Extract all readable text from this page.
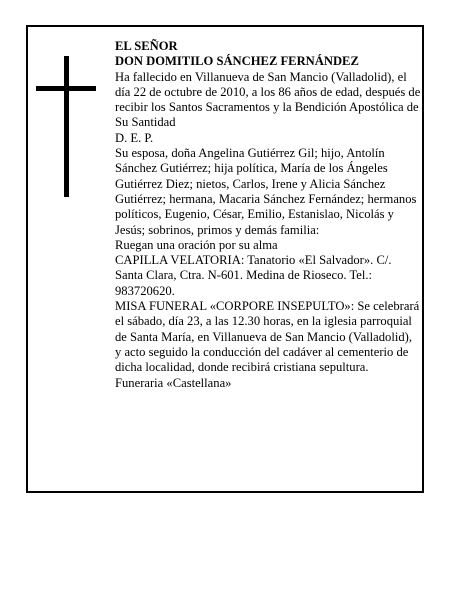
EL SEÑOR

DON DOMITILO SÁNCHEZ FERNÁNDEZ

Ha fallecido en Villanueva de San Mancio (Valladolid), el día 22 de octubre de 2010, a los 86 años de edad, después de recibir los Santos Sacramentos y la Bendición Apostólica de Su Santidad

D. E. P.

Su esposa, doña Angelina Gutiérrez Gil; hijo, Antolín Sánchez Gutiérrez; hija política, María de los Ángeles Gutiérrez Diez; nietos, Carlos, Irene y Alicia Sánchez Gutiérrez; hermana, Macaria Sánchez Fernández; hermanos políticos, Eugenio, César, Emilio, Estanislao, Nicolás y Jesús; sobrinos, primos y demás familia:

Ruegan una oración por su alma

CAPILLA VELATORIA: Tanatorio «El Salvador». C/. Santa Clara, Ctra. N-601. Medina de Rioseco. Tel.: 983720620.

MISA FUNERAL «CORPORE INSEPULTO»: Se celebrará el sábado, día 23, a las 12.30 horas, en la iglesia parroquial de Santa María, en Villanueva de San Mancio (Valladolid), y acto seguido la conducción del cadáver al cementerio de dicha localidad, donde recibirá cristiana sepultura.

Funeraria «Castellana»
